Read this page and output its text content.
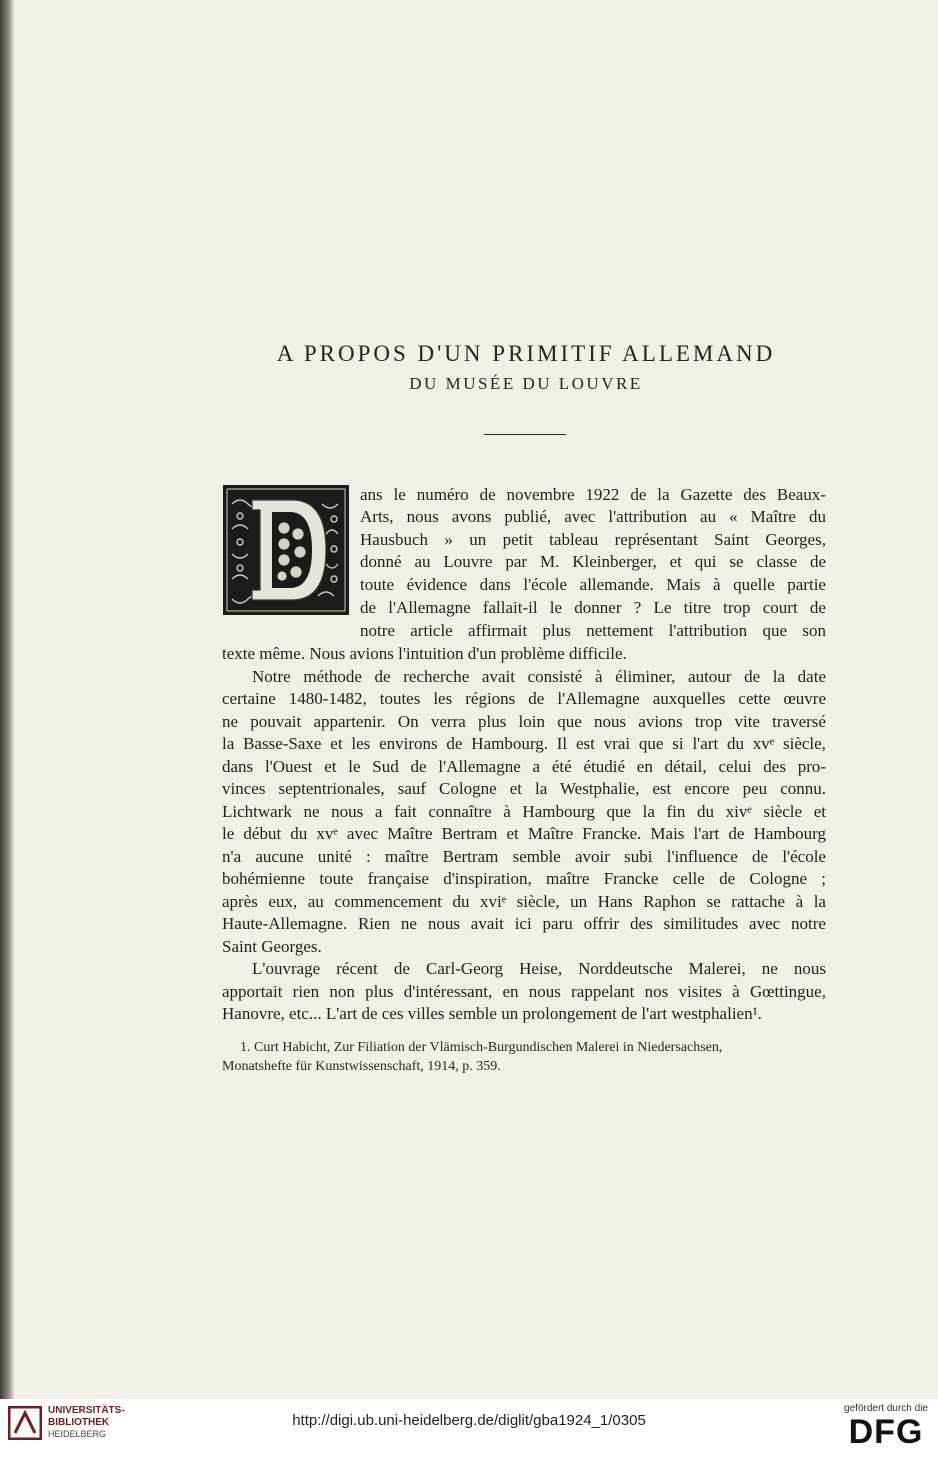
A PROPOS D'UN PRIMITIF ALLEMAND
DU MUSÉE DU LOUVRE
ans le numéro de novembre 1922 de la Gazette des Beaux-
Arts, nous avons publié, avec l'attribution au « Maître du
Hausbuch » un petit tableau représentant Saint Georges,
donné au Louvre par M. Kleinberger, et qui se classe de
toute évidence dans l'école allemande. Mais à quelle partie
de l'Allemagne fallait-il le donner ? Le titre trop court de
notre article affirmait plus nettement l'attribution que son
texte même. Nous avions l'intuition d'un problème difficile.
Notre méthode de recherche avait consisté à éliminer, autour de la date
certaine 1480-1482, toutes les régions de l'Allemagne auxquelles cette œuvre
ne pouvait appartenir. On verra plus loin que nous avions trop vite traversé
la Basse-Saxe et les environs de Hambourg. Il est vrai que si l'art du xvᵉ siècle,
dans l'Ouest et le Sud de l'Allemagne a été étudié en détail, celui des pro-
vinces septentrionales, sauf Cologne et la Westphalie, est encore peu connu.
Lichtwark ne nous a fait connaître à Hambourg que la fin du xivᵉ siècle et
le début du xvᵉ avec Maître Bertram et Maître Francke. Mais l'art de Hambourg
n'a aucune unité : maître Bertram semble avoir subi l'influence de l'école
bohémienne toute française d'inspiration, maître Francke celle de Cologne ;
après eux, au commencement du xviᵉ siècle, un Hans Raphon se rattache à la
Haute-Allemagne. Rien ne nous avait ici paru offrir des similitudes avec notre
Saint Georges.
L'ouvrage récent de Carl-Georg Heise, Norddeutsche Malerei, ne nous
apportait rien non plus d'intéressant, en nous rappelant nos visites à Gœttingue,
Hanovre, etc... L'art de ces villes semble un prolongement de l'art westphalien¹.
1. Curt Habicht, Zur Filiation der Vlämisch-Burgundischen Malerei in Niedersachsen,
Monatshefte für Kunstwissenschaft, 1914, p. 359.
UNIVERSITÄTS-
BIBLIOTHEK
HEIDELBERG
http://digi.ub.uni-heidelberg.de/diglit/gba1924_1/0305
gefördert durch die
DFG
